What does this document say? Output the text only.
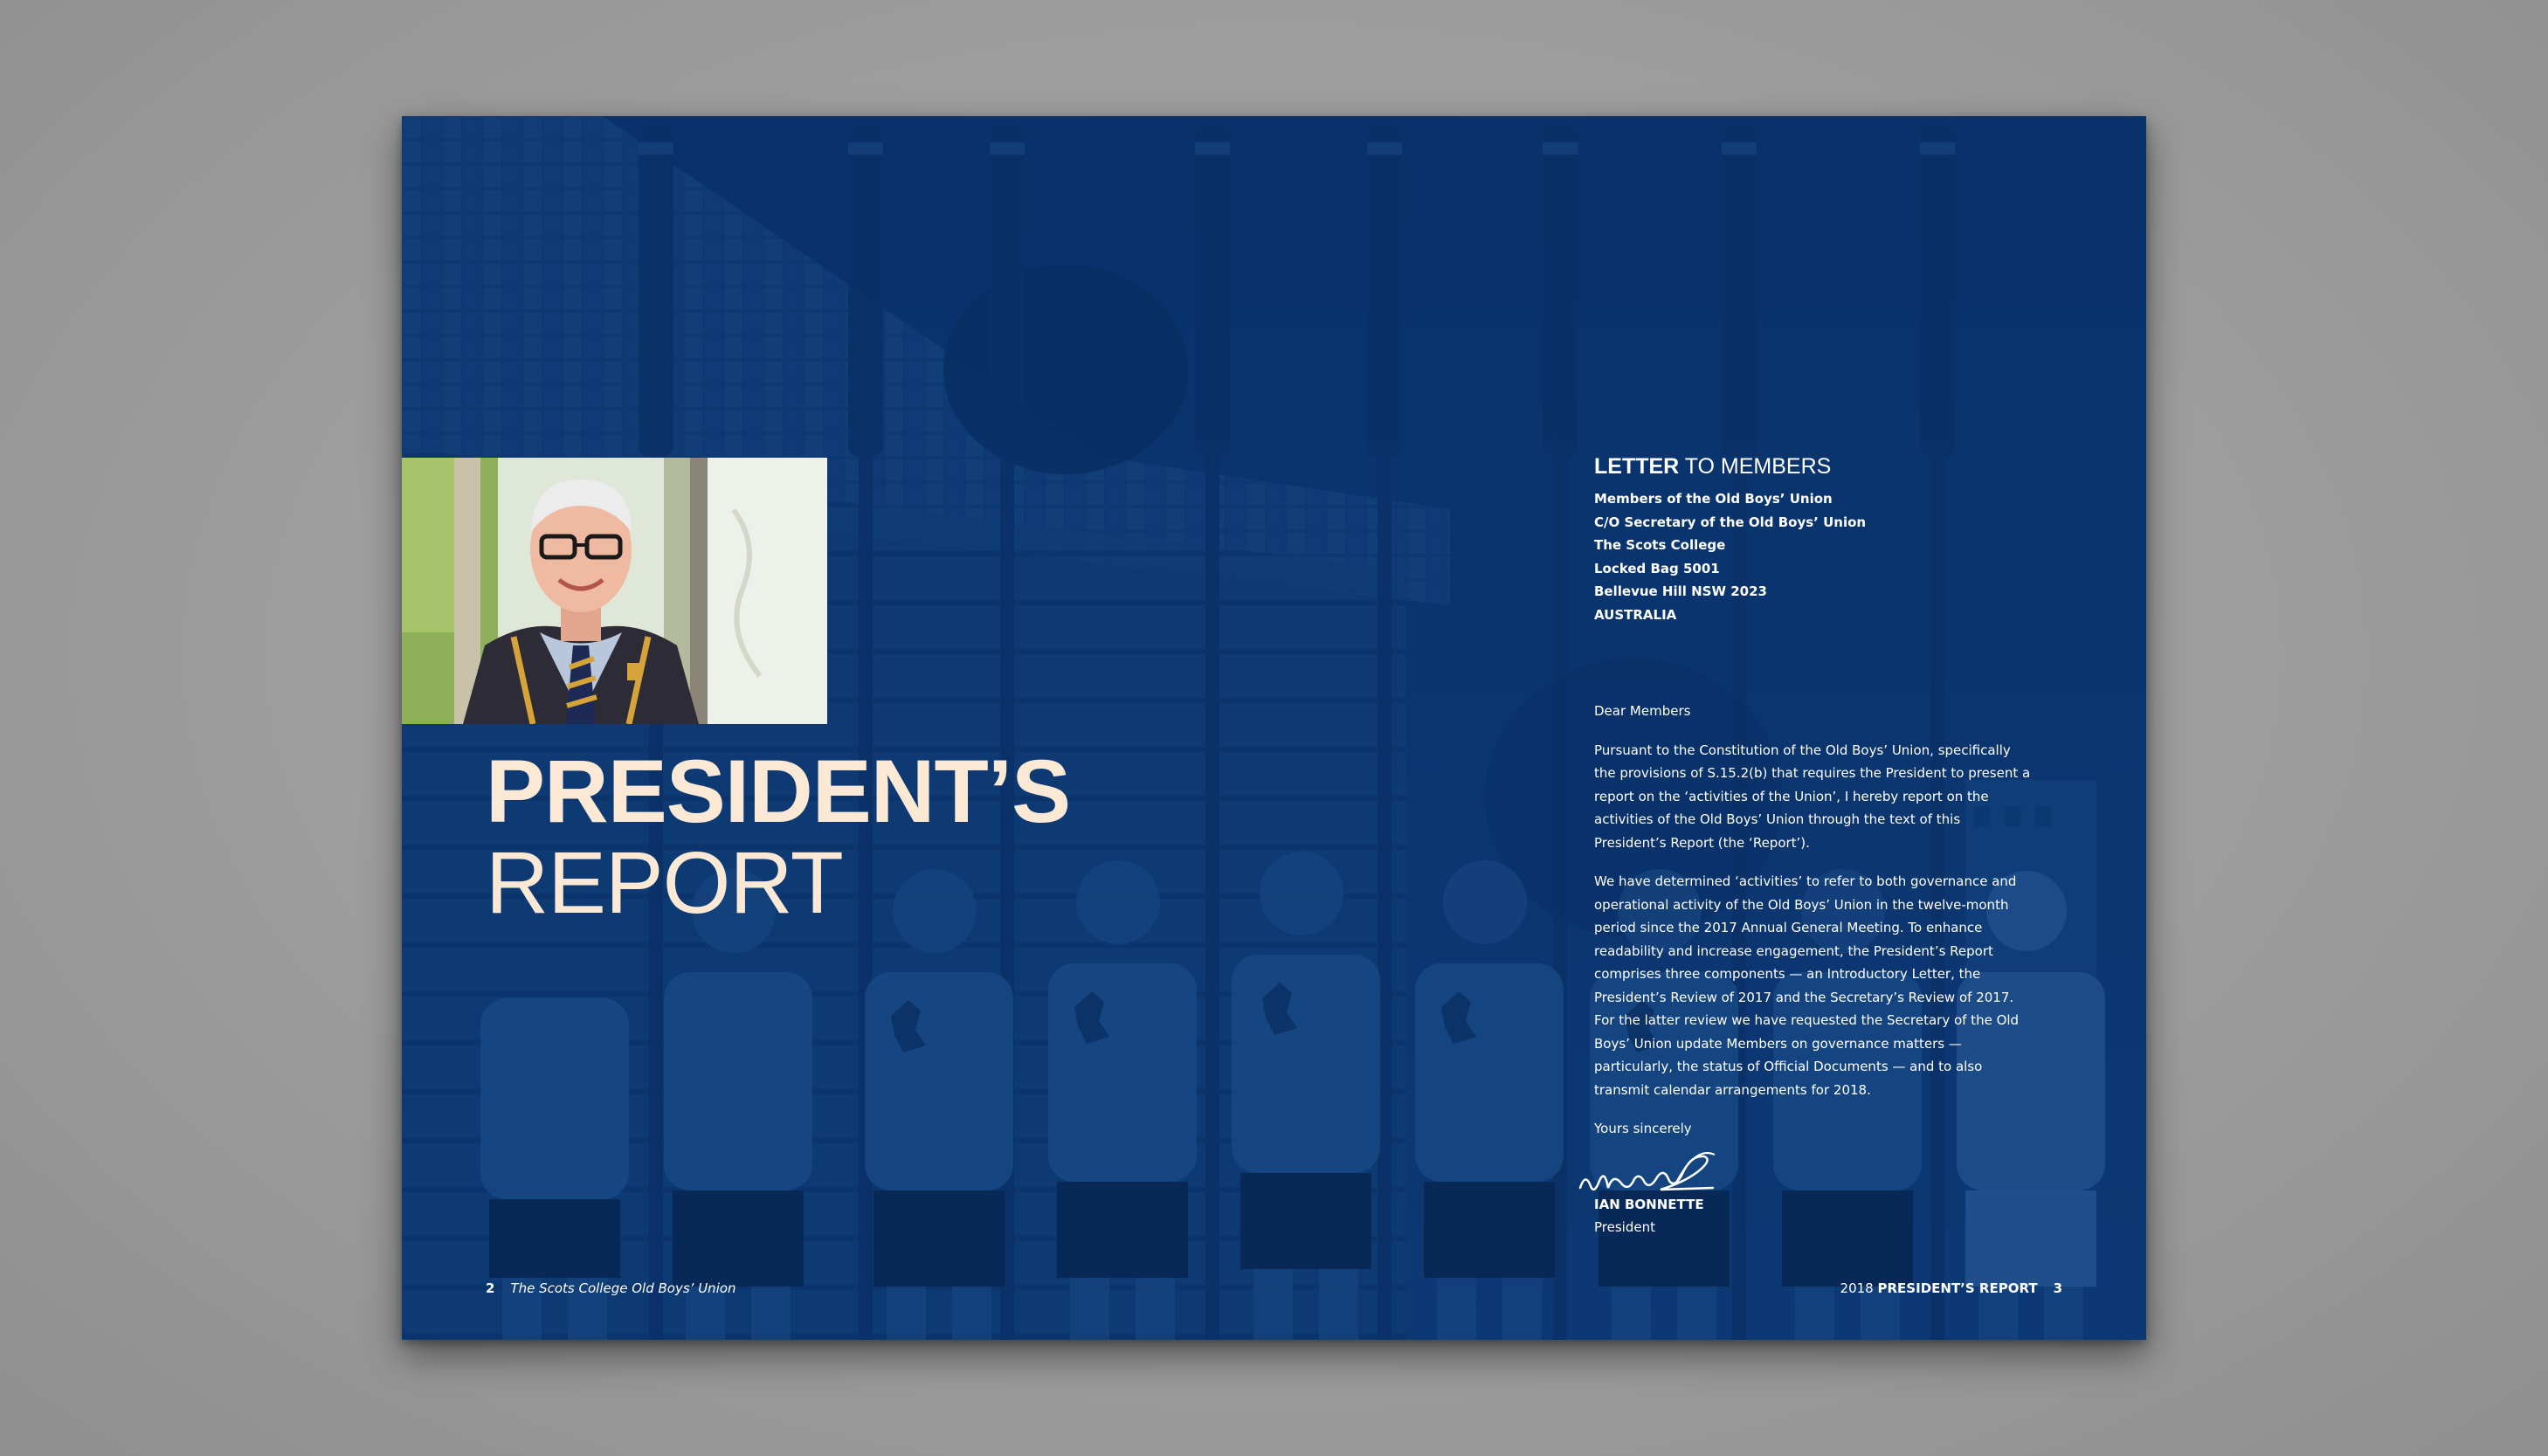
PRESIDENT’S
REPORT
LETTER TO MEMBERS
Members of the Old Boys’ Union
C/O Secretary of the Old Boys’ Union
The Scots College
Locked Bag 5001
Bellevue Hill NSW 2023
AUSTRALIA

Dear Members

Pursuant to the Constitution of the Old Boys’ Union, specifically the provisions of S.15.2(b) that requires the President to present a report on the ‘activities of the Union’, I hereby report on the activities of the Old Boys’ Union through the text of this President’s Report (the ‘Report’).

We have determined ‘activities’ to refer to both governance and operational activity of the Old Boys’ Union in the twelve-month period since the 2017 Annual General Meeting. To enhance readability and increase engagement, the President’s Report comprises three components — an Introductory Letter, the President’s Review of 2017 and the Secretary’s Review of 2017. For the latter review we have requested the Secretary of the Old Boys’ Union update Members on governance matters — particularly, the status of Official Documents — and to also transmit calendar arrangements for 2018.

Yours sincerely

IAN BONNETTE

President

2 The Scots College Old Boys’ Union	2018 PRESIDENT’S REPORT 3
